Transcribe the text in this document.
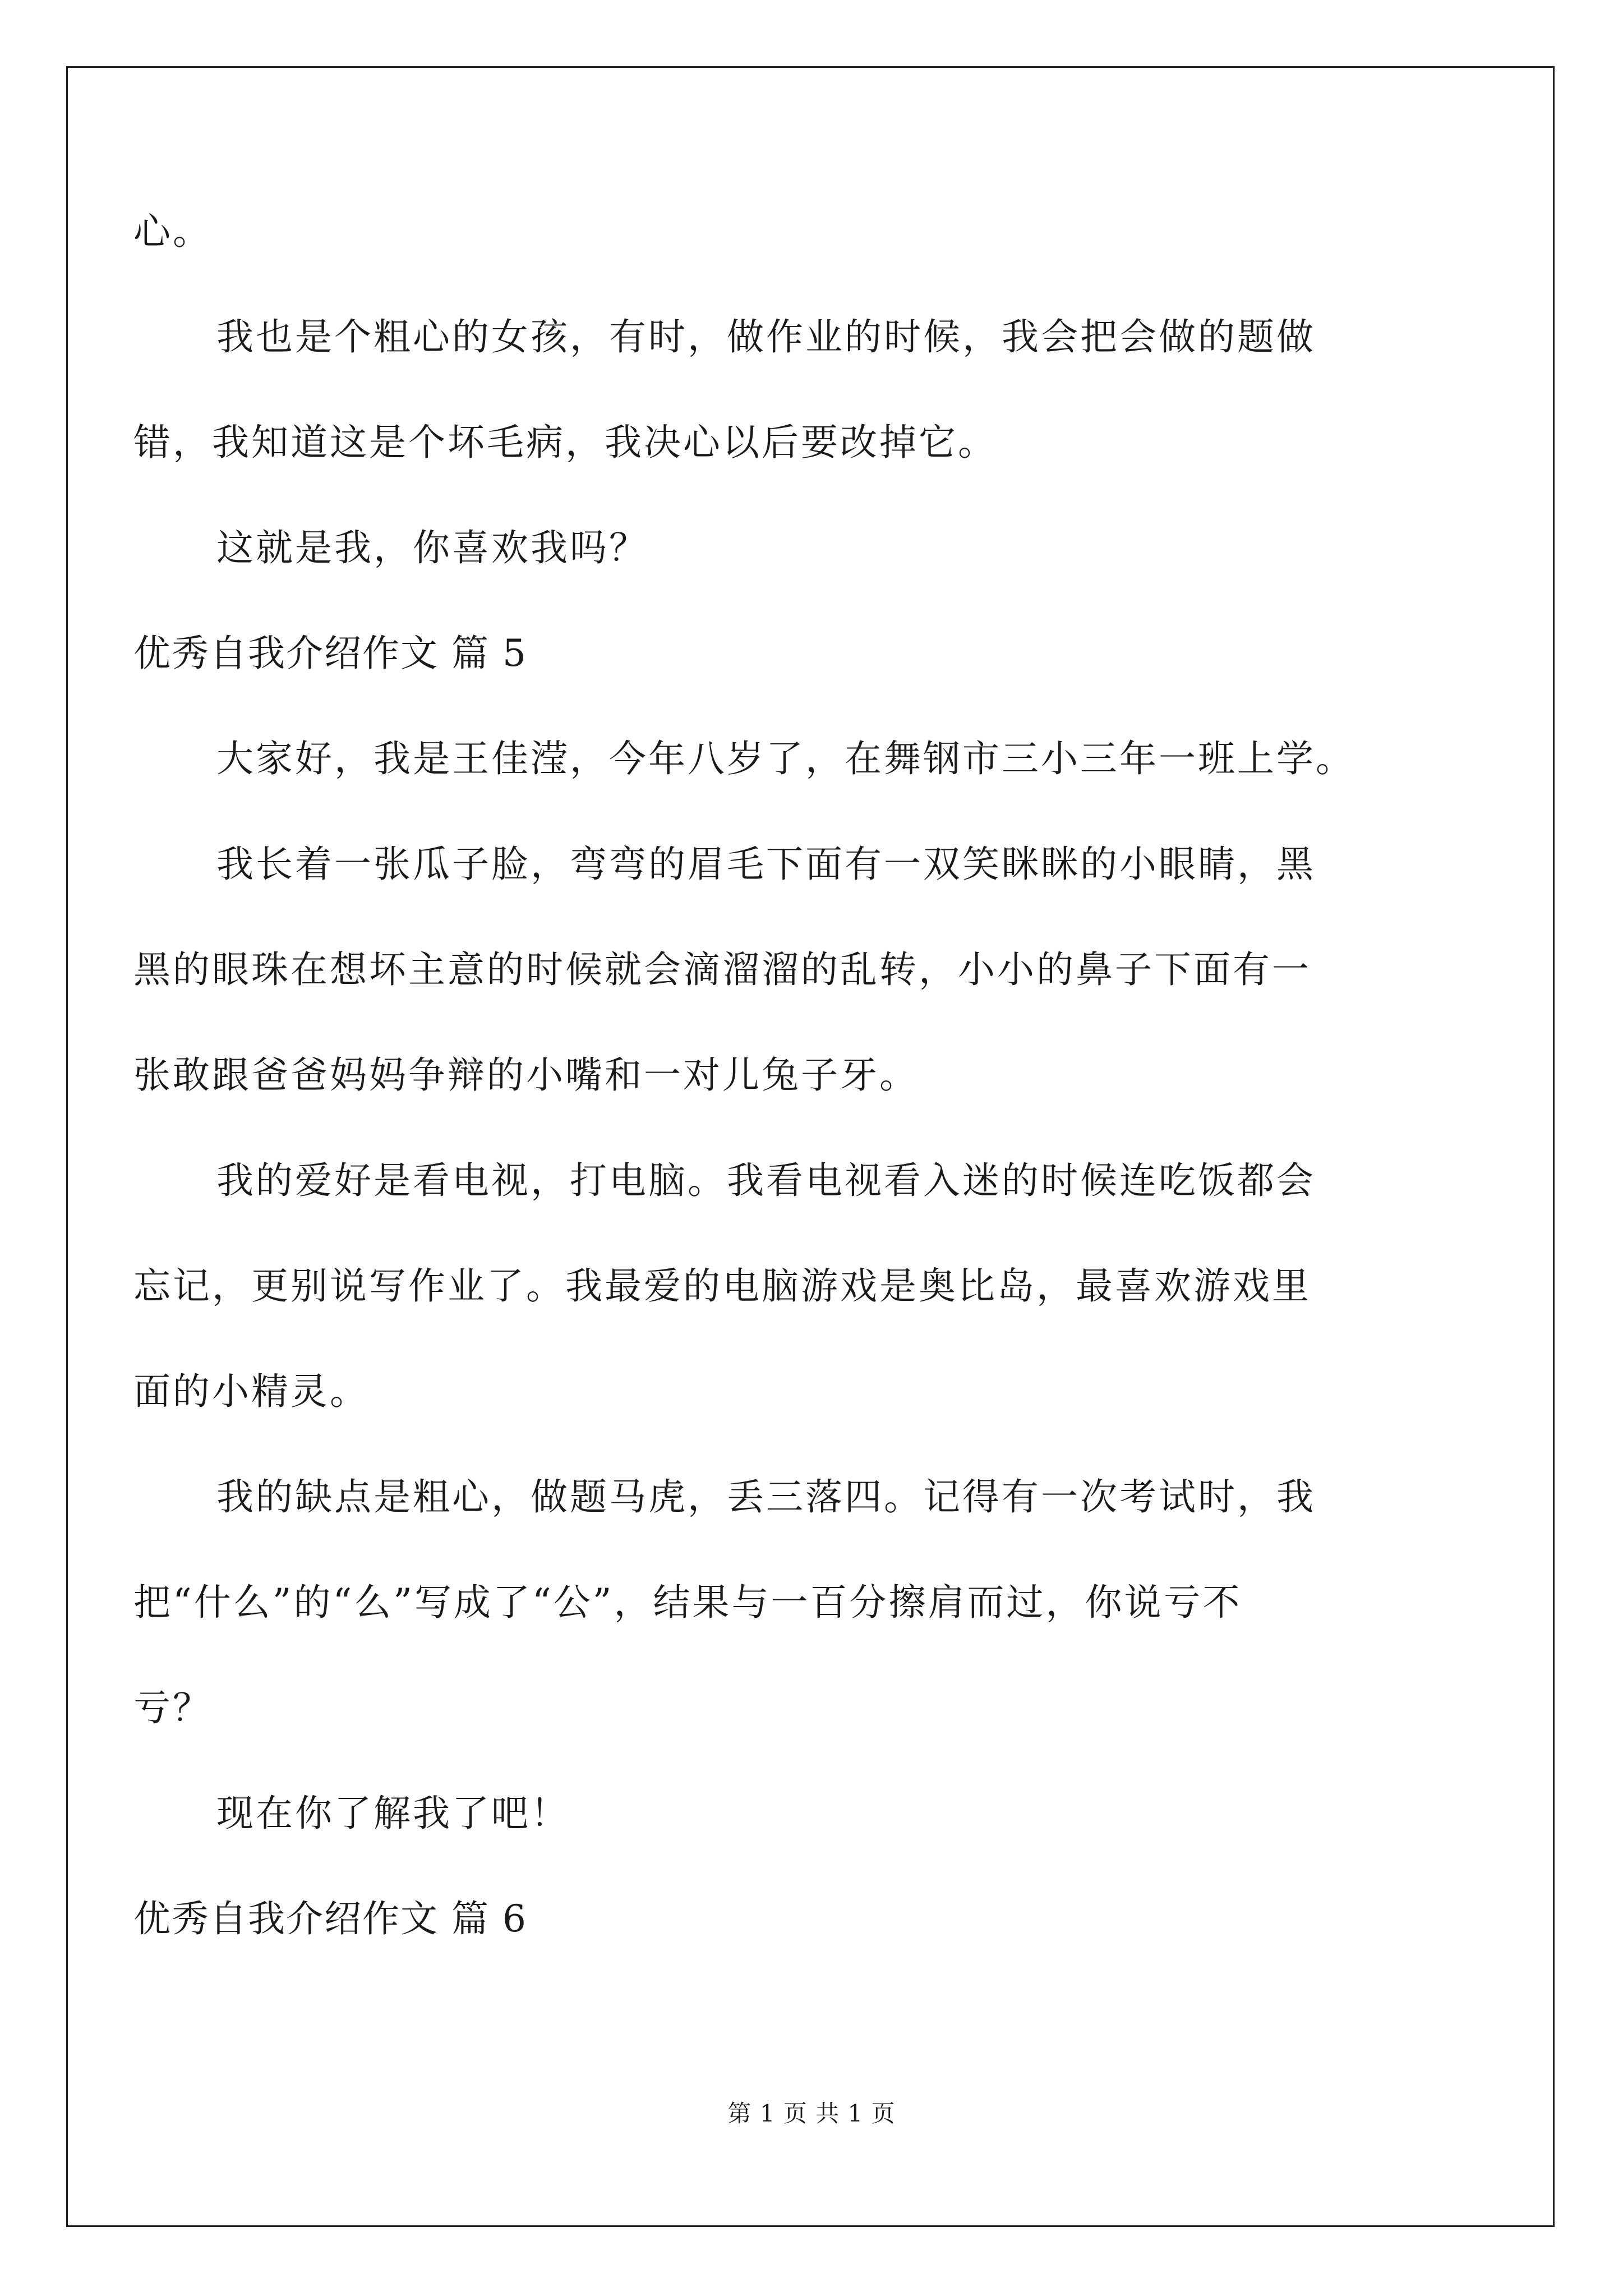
心。
我也是个粗心的女孩，有时，做作业的时候，我会把会做的题做
错，我知道这是个坏毛病，我决心以后要改掉它。
这就是我，你喜欢我吗？
优秀自我介绍作文 篇 5
大家好，我是王佳滢，今年八岁了，在舞钢市三小三年一班上学。
我长着一张瓜子脸，弯弯的眉毛下面有一双笑眯眯的小眼睛，黑
黑的眼珠在想坏主意的时候就会滴溜溜的乱转，小小的鼻子下面有一
张敢跟爸爸妈妈争辩的小嘴和一对儿兔子牙。
我的爱好是看电视，打电脑。我看电视看入迷的时候连吃饭都会
忘记，更别说写作业了。我最爱的电脑游戏是奥比岛，最喜欢游戏里
面的小精灵。
我的缺点是粗心，做题马虎，丢三落四。记得有一次考试时，我
把“什么”的“么”写成了“公”，结果与一百分擦肩而过，你说亏不
亏？
现在你了解我了吧！
优秀自我介绍作文 篇 6
第 1 页 共 1 页
